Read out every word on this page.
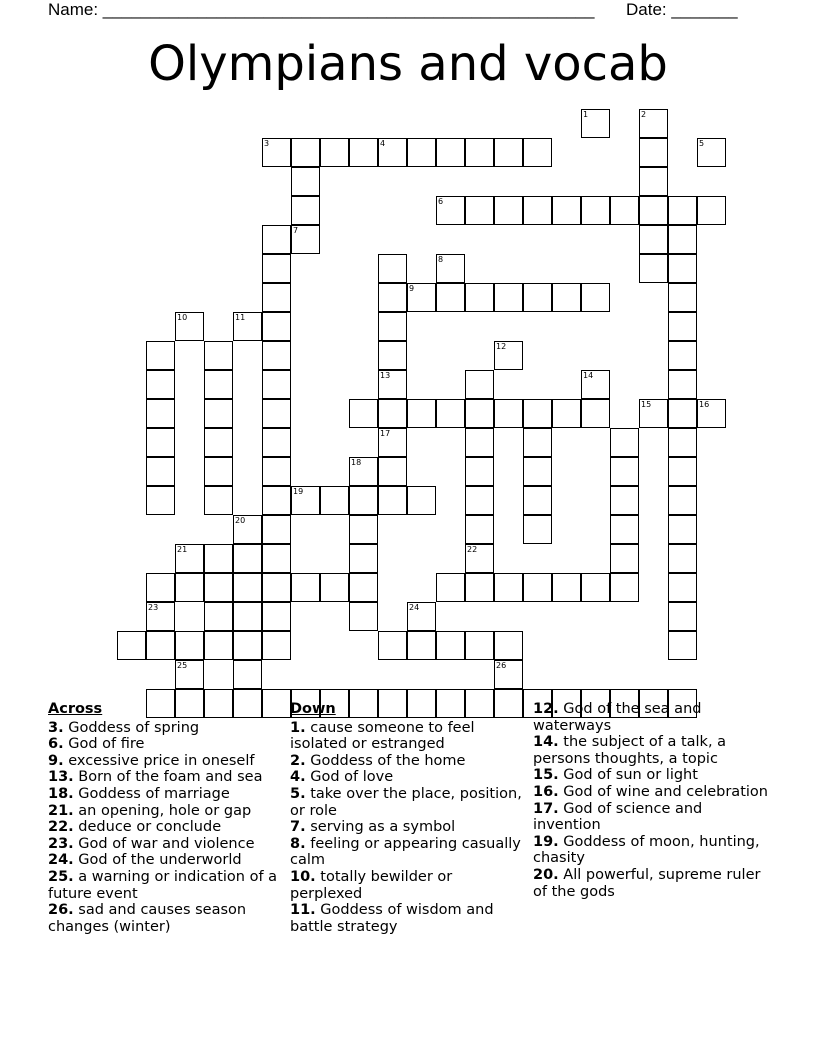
Name: ____________________________________________________ Date: _______
Olympians and vocab
3	4
7
6
2
13
17
9
22
18
20
1
5
8
10	11
12
14
15	16
19
21
23	24
25	26
Across
3. Goddess of spring
6. God of fire
9. excessive price in oneself
13. Born of the foam and sea
18. Goddess of marriage
21. an opening, hole or gap
22. deduce or conclude
23. God of war and violence
24. God of the underworld
25. a warning or indication of a future event
26. sad and causes season changes (winter)
Down
1. cause someone to feel isolated or estranged
2. Goddess of the home
4. God of love
5. take over the place, position, or role
7. serving as a symbol
8. feeling or appearing casually calm
10. totally bewilder or perplexed
11. Goddess of wisdom and battle strategy
12. God of the sea and waterways
14. the subject of a talk, a persons thoughts, a topic
15. God of sun or light
16. God of wine and celebration
17. God of science and invention
19. Goddess of moon, hunting, chasity
20. All powerful, supreme ruler of the gods
